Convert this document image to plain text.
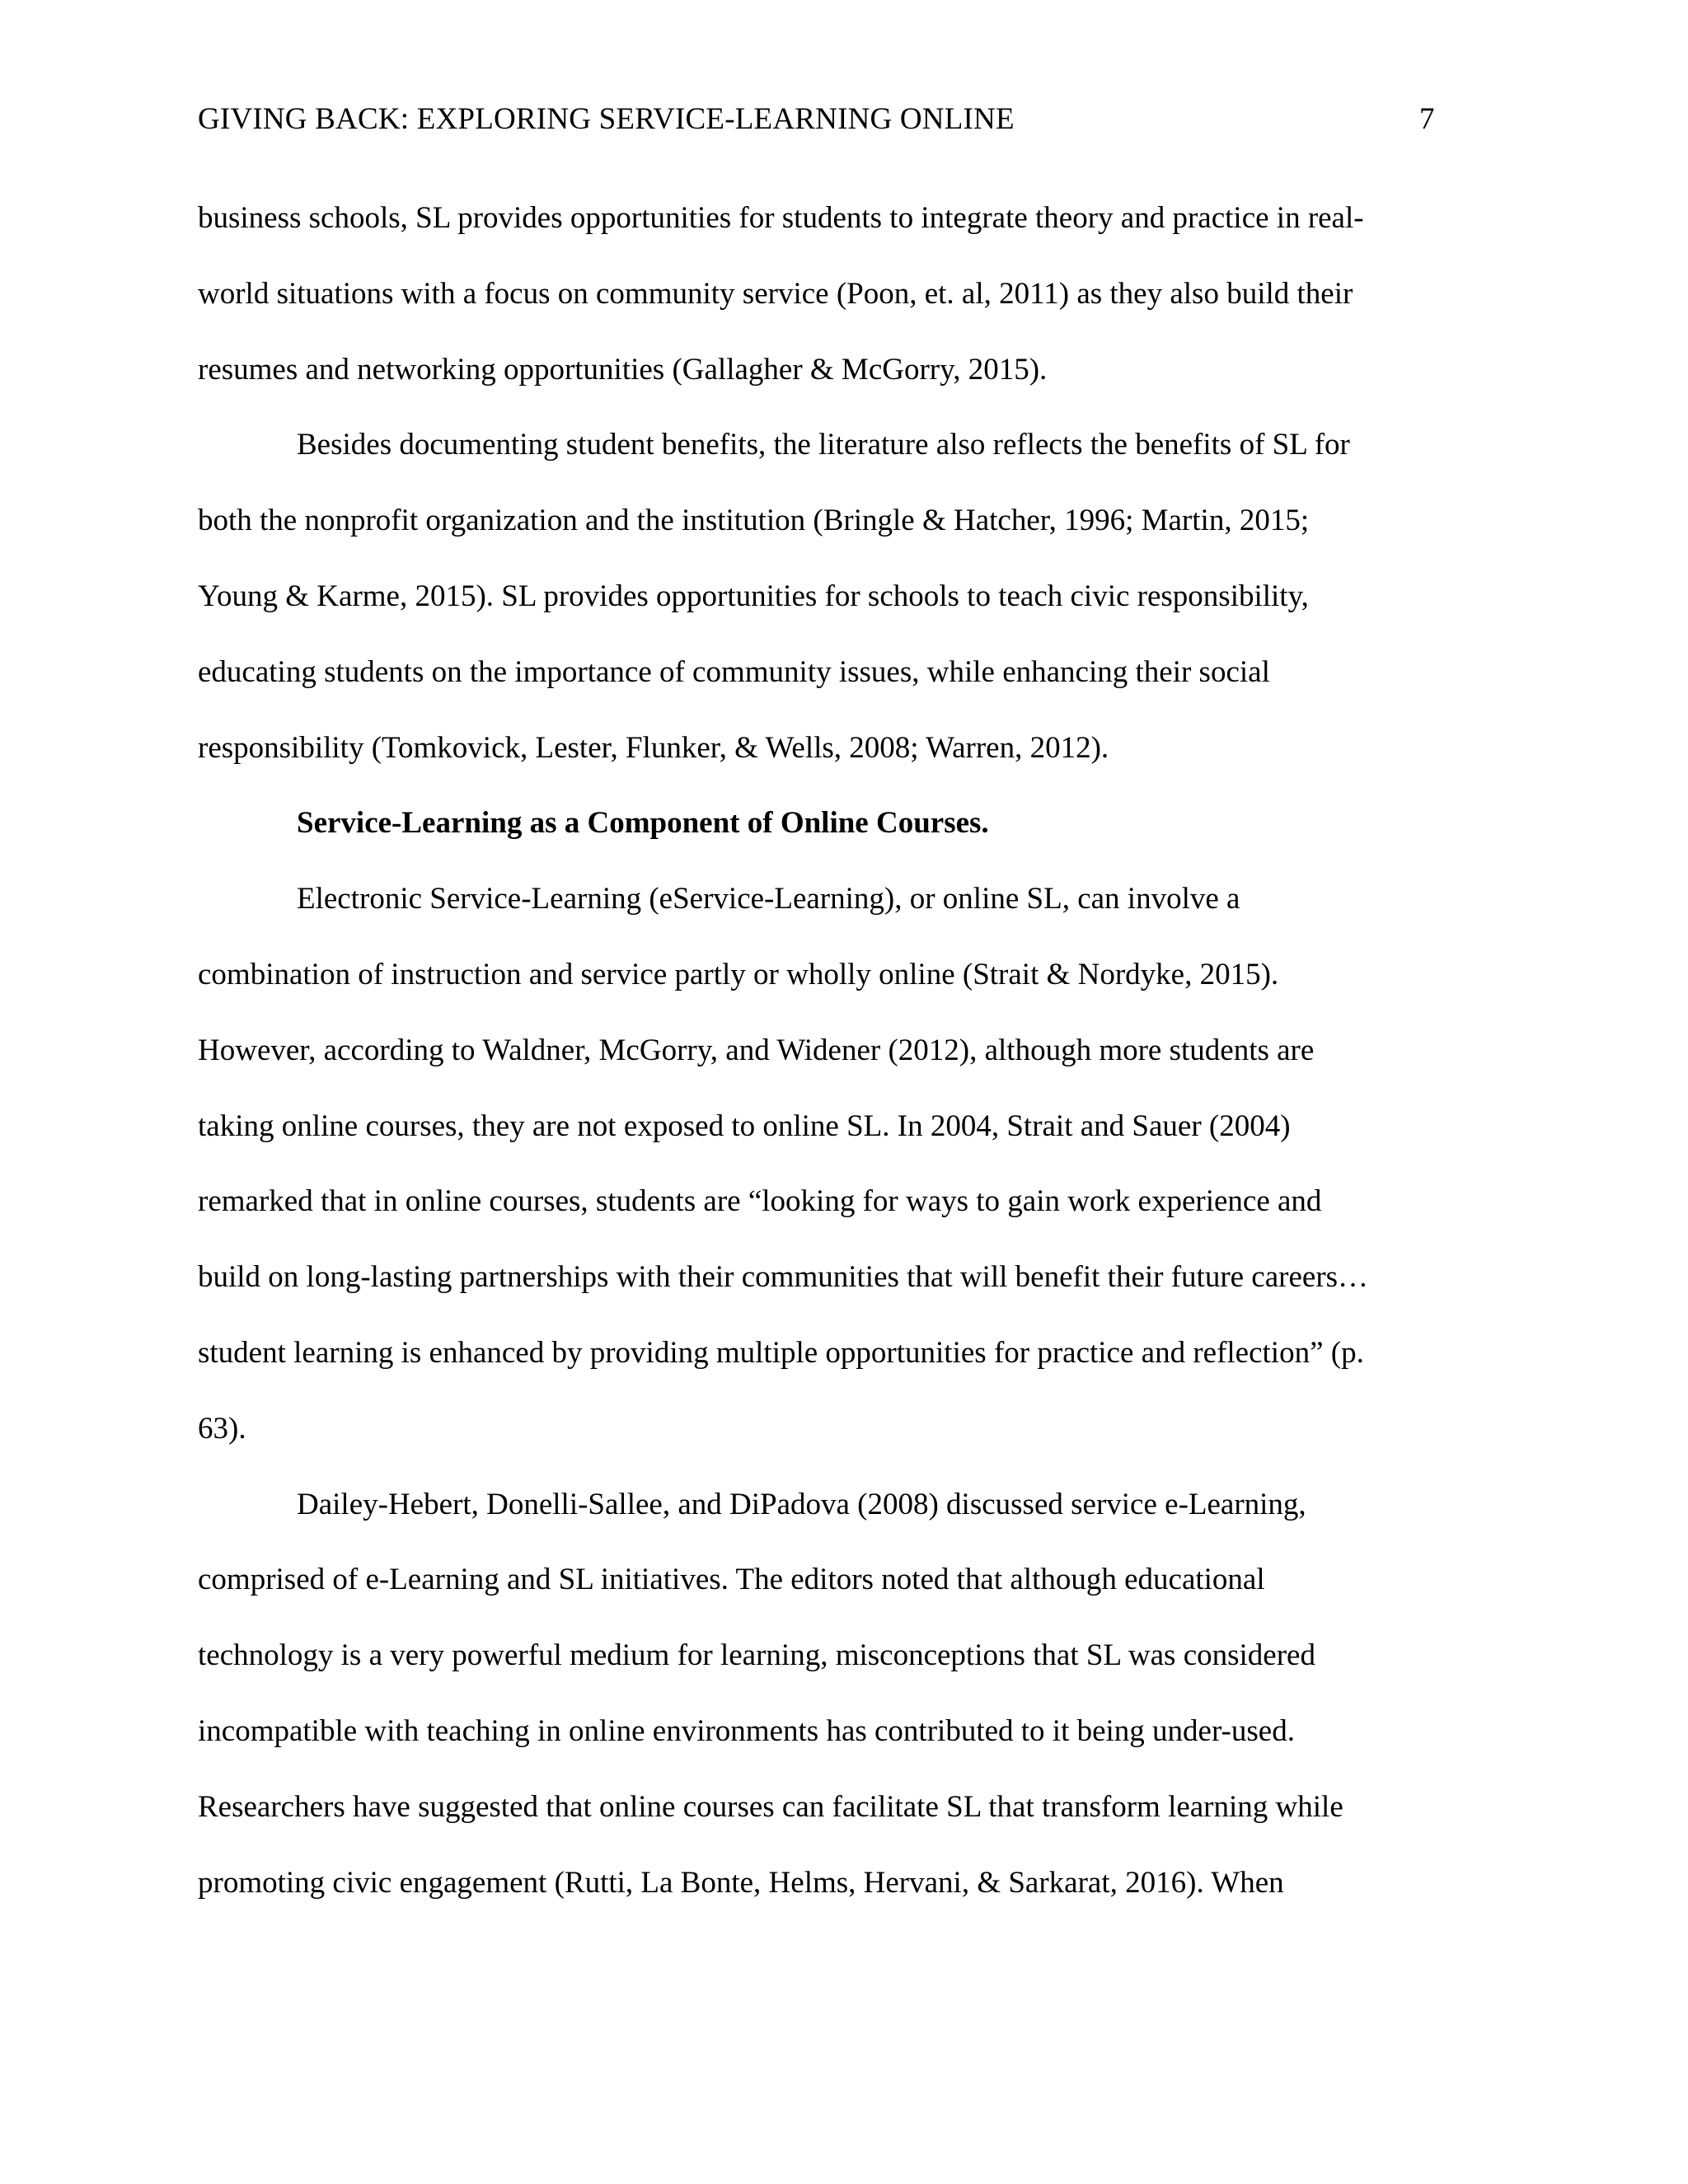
GIVING BACK: EXPLORING SERVICE-LEARNING ONLINE	7
business schools, SL provides opportunities for students to integrate theory and practice in real-
world situations with a focus on community service (Poon, et. al, 2011) as they also build their
resumes and networking opportunities (Gallagher & McGorry, 2015).
Besides documenting student benefits, the literature also reflects the benefits of SL for
both the nonprofit organization and the institution (Bringle & Hatcher, 1996; Martin, 2015;
Young & Karme, 2015). SL provides opportunities for schools to teach civic responsibility,
educating students on the importance of community issues, while enhancing their social
responsibility (Tomkovick, Lester, Flunker, & Wells, 2008; Warren, 2012).
Service-Learning as a Component of Online Courses.
Electronic Service-Learning (eService-Learning), or online SL, can involve a
combination of instruction and service partly or wholly online (Strait & Nordyke, 2015).
However, according to Waldner, McGorry, and Widener (2012), although more students are
taking online courses, they are not exposed to online SL. In 2004, Strait and Sauer (2004)
remarked that in online courses, students are “looking for ways to gain work experience and
build on long-lasting partnerships with their communities that will benefit their future careers…
student learning is enhanced by providing multiple opportunities for practice and reflection” (p.
63).
Dailey-Hebert, Donelli-Sallee, and DiPadova (2008) discussed service e-Learning,
comprised of e-Learning and SL initiatives. The editors noted that although educational
technology is a very powerful medium for learning, misconceptions that SL was considered
incompatible with teaching in online environments has contributed to it being under-used.
Researchers have suggested that online courses can facilitate SL that transform learning while
promoting civic engagement (Rutti, La Bonte, Helms, Hervani, & Sarkarat, 2016). When
